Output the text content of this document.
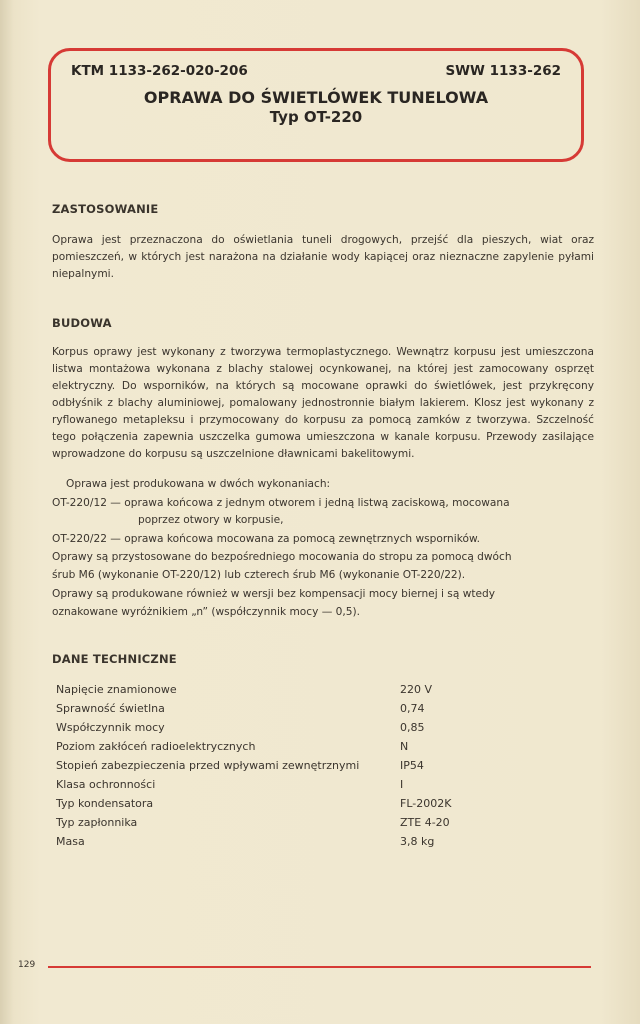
KTM 1133-262-020-206	SWW 1133-262
OPRAWA DO ŚWIETLÓWEK TUNELOWA
Typ OT-220
ZASTOSOWANIE

Oprawa jest przeznaczona do oświetlania tuneli drogowych, przejść dla pieszych, wiat oraz pomieszczeń, w których jest narażona na działanie wody kapiącej oraz nieznaczne zapylenie pyłami niepalnymi.

BUDOWA

Korpus oprawy jest wykonany z tworzywa termoplastycznego. Wewnątrz korpusu jest umieszczona listwa montażowa wykonana z blachy stalowej ocynkowanej, na której jest zamocowany osprzęt elektryczny. Do wsporników, na których są mocowane oprawki do świetlówek, jest przykręcony odbłyśnik z blachy aluminiowej, pomalowany jednostronnie białym lakierem. Klosz jest wykonany z ryflowanego metapleksu i przymocowany do korpusu za pomocą zamków z tworzywa. Szczelność tego połączenia zapewnia uszczelka gumowa umieszczona w kanale korpusu. Przewody zasilające wprowadzone do korpusu są uszczelnione dławnicami bakelitowymi.

Oprawa jest produkowana w dwóch wykonaniach:
OT-220/12 — oprawa końcowa z jednym otworem i jedną listwą zaciskową, mocowana
poprzez otwory w korpusie,
OT-220/22 — oprawa końcowa mocowana za pomocą zewnętrznych wsporników.
Oprawy są przystosowane do bezpośredniego mocowania do stropu za pomocą dwóch
śrub M6 (wykonanie OT-220/12) lub czterech śrub M6 (wykonanie OT-220/22).
Oprawy są produkowane również w wersji bez kompensacji mocy biernej i są wtedy
oznakowane wyróżnikiem „n” (współczynnik mocy — 0,5).
DANE TECHNICZNE
Napięcie znamionowe	220 V
Sprawność świetlna	0,74
Współczynnik mocy	0,85
Poziom zakłóceń radioelektrycznych	N
Stopień zabezpieczenia przed wpływami zewnętrznymi	IP54
Klasa ochronności	I
Typ kondensatora	FL-2002K
Typ zapłonnika	ZTE 4-20
Masa	3,8 kg
129
